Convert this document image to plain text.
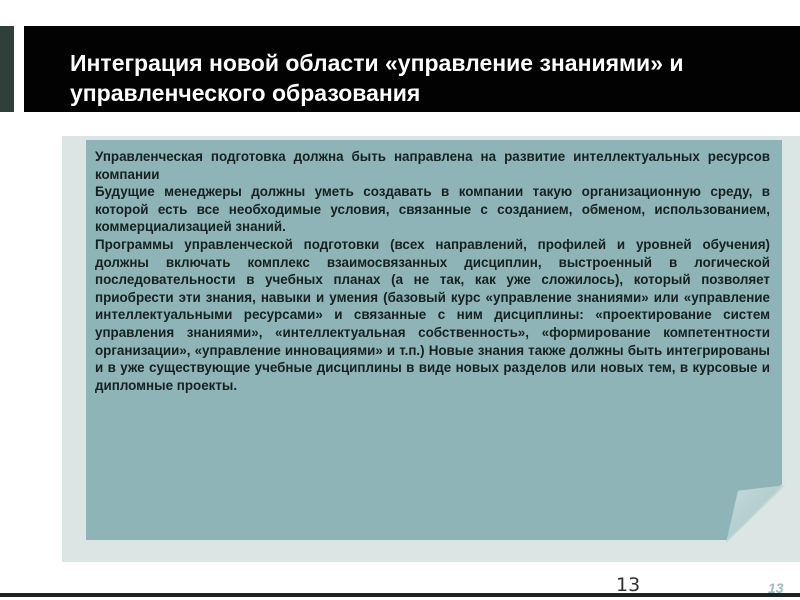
Интеграция новой области «управление знаниями» и управленческого образования

Управленческая подготовка должна быть направлена на развитие интеллектуальных ресурсов компании

Будущие менеджеры должны уметь создавать в компании такую организационную среду, в которой есть все необходимые условия, связанные с созданием, обменом, использованием, коммерциализацией знаний.

Программы управленческой подготовки (всех направлений, профилей и уровней обучения) должны включать комплекс взаимосвязанных дисциплин, выстроенный в логической последовательности в учебных планах (а не так, как уже сложилось), который позволяет приобрести эти знания, навыки и умения (базовый курс «управление знаниями» или «управление интеллектуальными ресурсами» и связанные с ним дисциплины: «проектирование систем управления знаниями», «интеллектуальная собственность», «формирование компетентности организации», «управление инновациями» и т.п.) Новые знания также должны быть интегрированы и в уже существующие учебные дисциплины в виде новых разделов или новых тем, в курсовые и дипломные проекты.

13	13
